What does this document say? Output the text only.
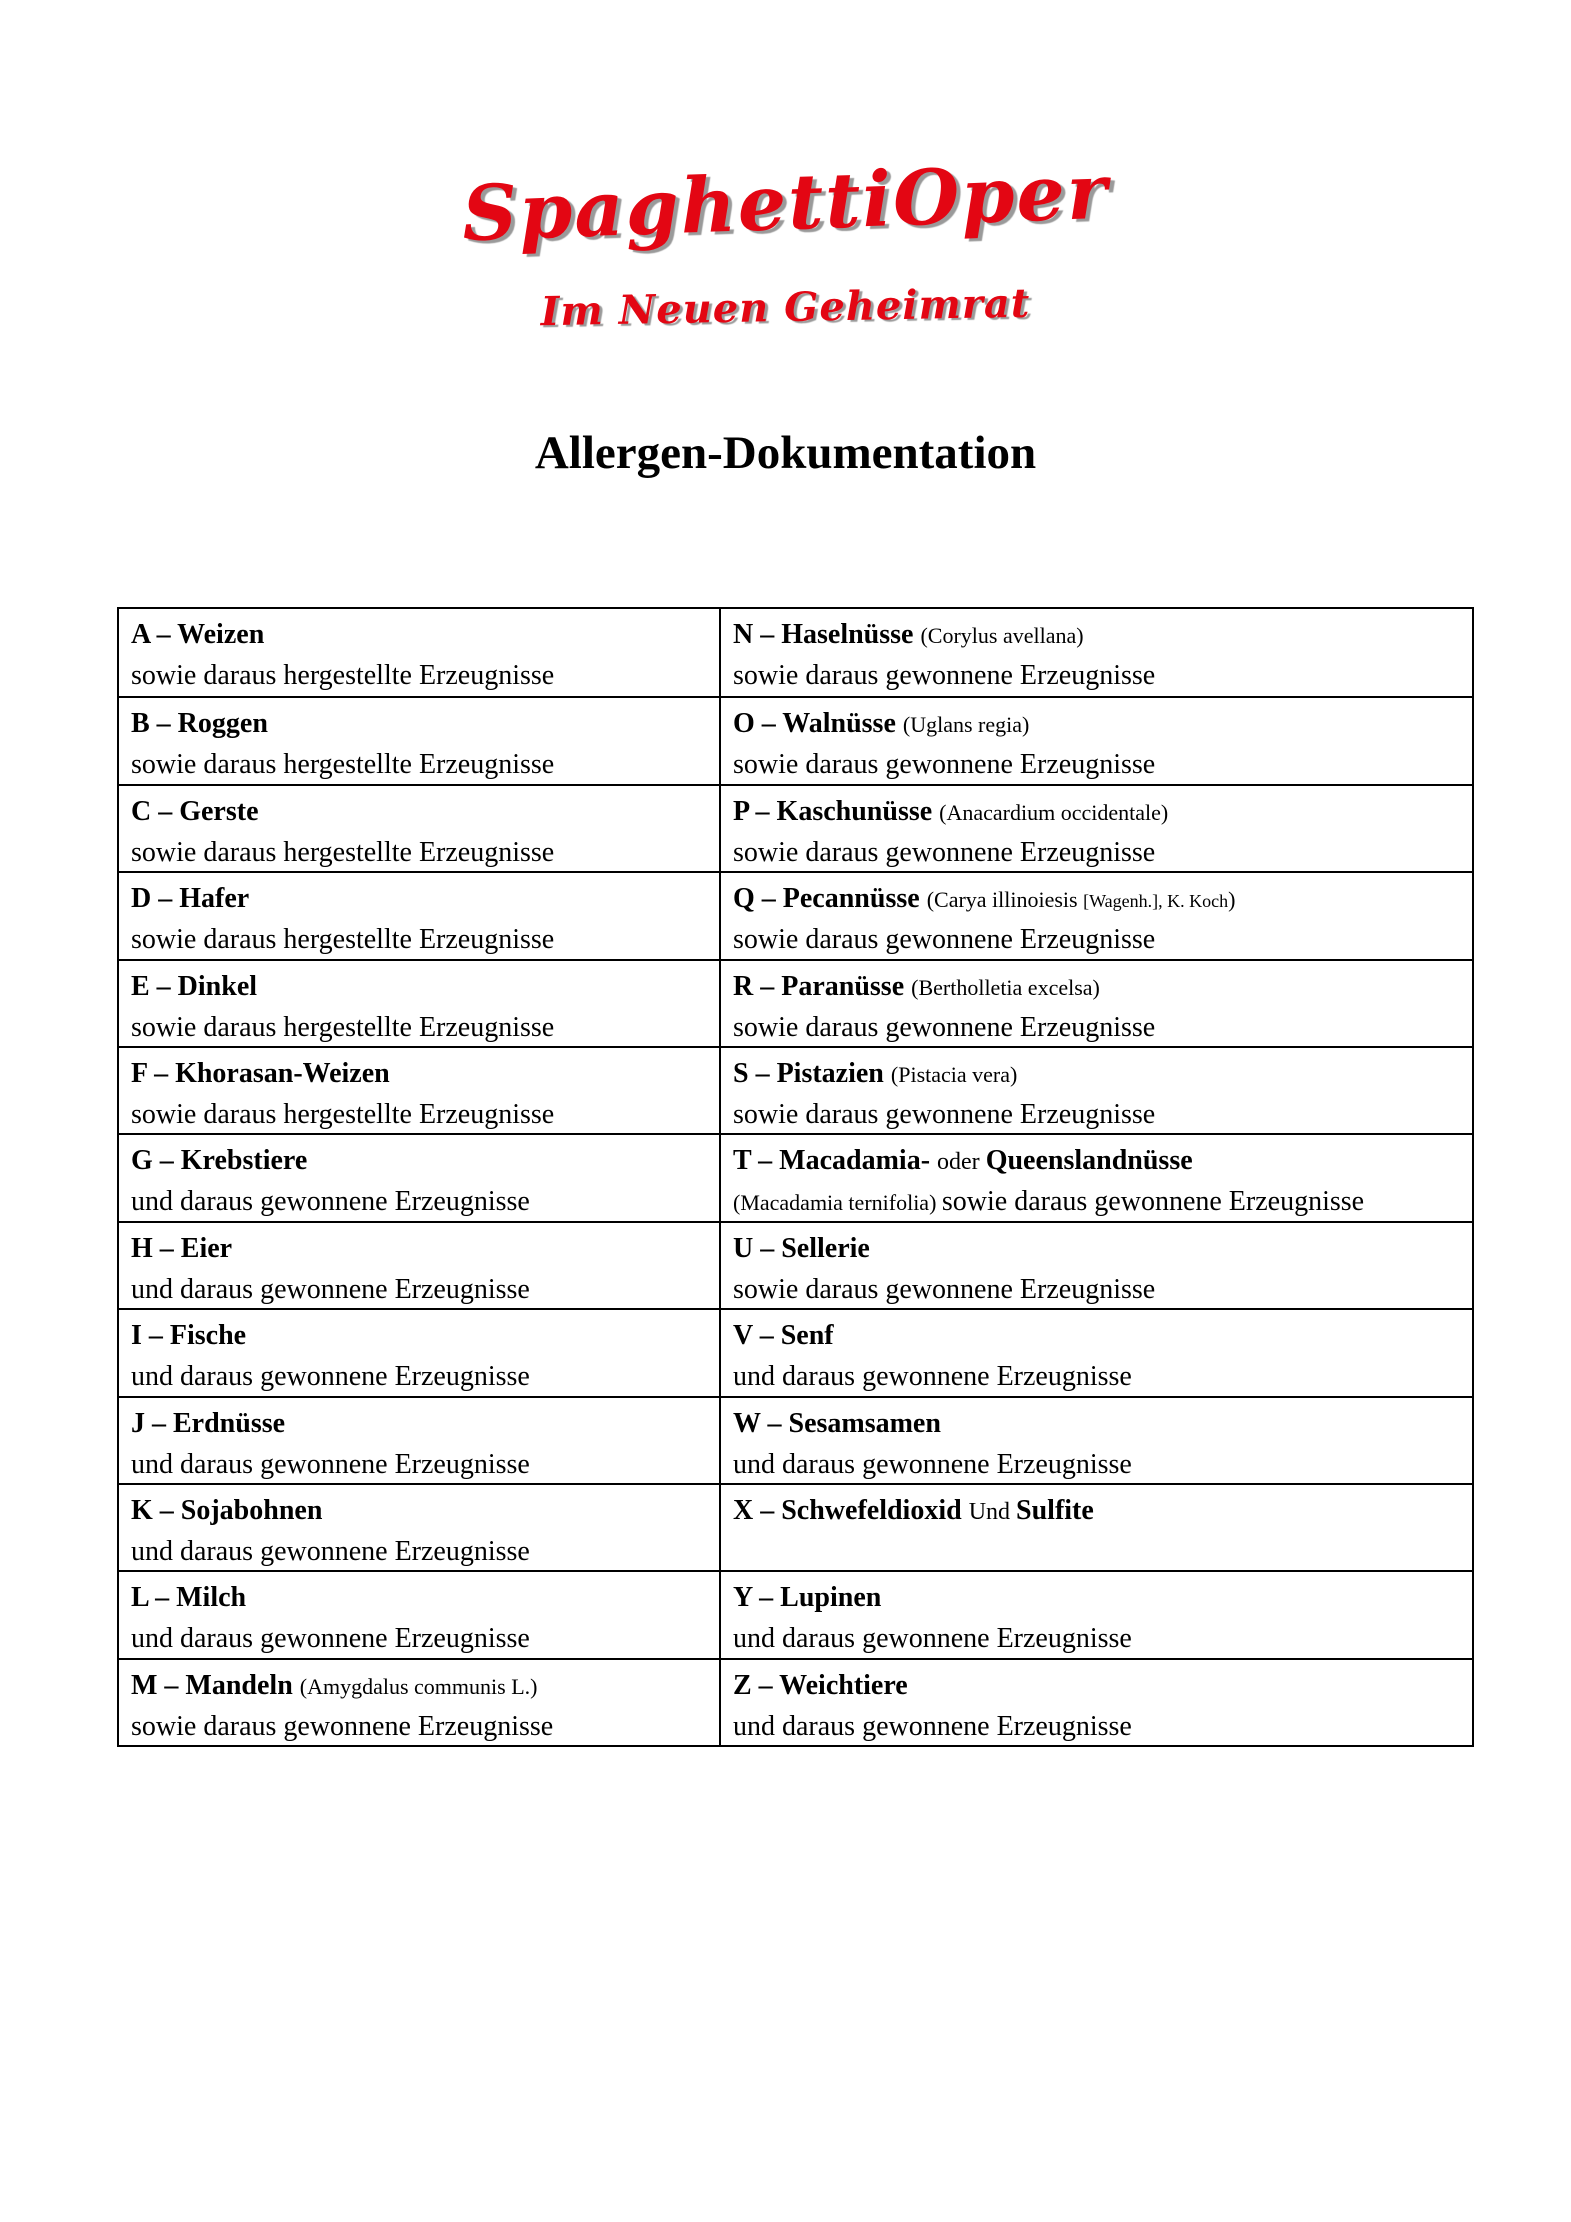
SpaghettiOper
Im Neuen Geheimrat
Allergen-Dokumentation
A – Weizen
sowie daraus hergestellte Erzeugnisse
N – Haselnüsse (Corylus avellana)
sowie daraus gewonnene Erzeugnisse
B – Roggen
sowie daraus hergestellte Erzeugnisse
O – Walnüsse (Uglans regia)
sowie daraus gewonnene Erzeugnisse
C – Gerste
sowie daraus hergestellte Erzeugnisse
P – Kaschunüsse (Anacardium occidentale)
sowie daraus gewonnene Erzeugnisse
D – Hafer
sowie daraus hergestellte Erzeugnisse
Q – Pecannüsse (Carya illinoiesis [Wagenh.], K. Koch)
sowie daraus gewonnene Erzeugnisse
E – Dinkel
sowie daraus hergestellte Erzeugnisse
R – Paranüsse (Bertholletia excelsa)
sowie daraus gewonnene Erzeugnisse
F – Khorasan-Weizen
sowie daraus hergestellte Erzeugnisse
S – Pistazien (Pistacia vera)
sowie daraus gewonnene Erzeugnisse
G – Krebstiere
und daraus gewonnene Erzeugnisse
T – Macadamia- oder Queenslandnüsse
(Macadamia ternifolia) sowie daraus gewonnene Erzeugnisse
H – Eier
und daraus gewonnene Erzeugnisse
U – Sellerie
sowie daraus gewonnene Erzeugnisse
I – Fische
und daraus gewonnene Erzeugnisse
V – Senf
und daraus gewonnene Erzeugnisse
J – Erdnüsse
und daraus gewonnene Erzeugnisse
W – Sesamsamen
und daraus gewonnene Erzeugnisse
K – Sojabohnen
und daraus gewonnene Erzeugnisse
X – Schwefeldioxid Und Sulfite
L – Milch
und daraus gewonnene Erzeugnisse
Y – Lupinen
und daraus gewonnene Erzeugnisse
M – Mandeln (Amygdalus communis L.)
sowie daraus gewonnene Erzeugnisse
Z – Weichtiere
und daraus gewonnene Erzeugnisse
